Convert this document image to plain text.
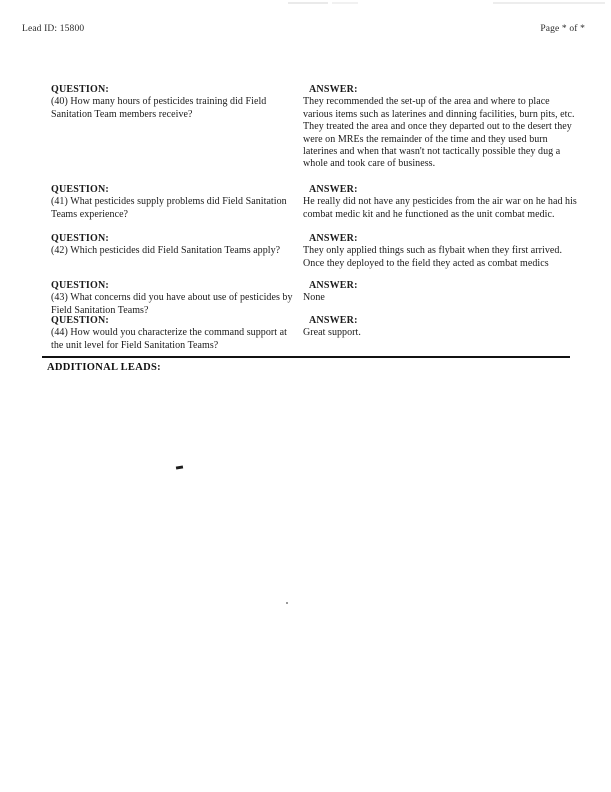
Lead ID: 15800	Page * of *
QUESTION:
(40) How many hours of pesticides training did Field Sanitation Team members receive?
ANSWER:
They recommended the set-up of the area and where to place various items such as laterines and dinning facilities, burn pits, etc. They treated the area and once they departed out to the desert they were on MREs the remainder of the time and they used burn laterines and when that wasn't not tactically possible they dug a whole and took care of business.
QUESTION:
(41) What pesticides supply problems did Field Sanitation Teams experience?
ANSWER:
He really did not have any pesticides from the air war on he had his combat medic kit and he functioned as the unit combat medic.
QUESTION:
(42) Which pesticides did Field Sanitation Teams apply?
ANSWER:
They only applied things such as flybait when they first arrived. Once they deployed to the field they acted as combat medics
QUESTION:
(43) What concerns did you have about use of pesticides by Field Sanitation Teams?
ANSWER:
None
QUESTION:
(44) How would you characterize the command support at the unit level for Field Sanitation Teams?
ANSWER:
Great support.
ADDITIONAL LEADS:
